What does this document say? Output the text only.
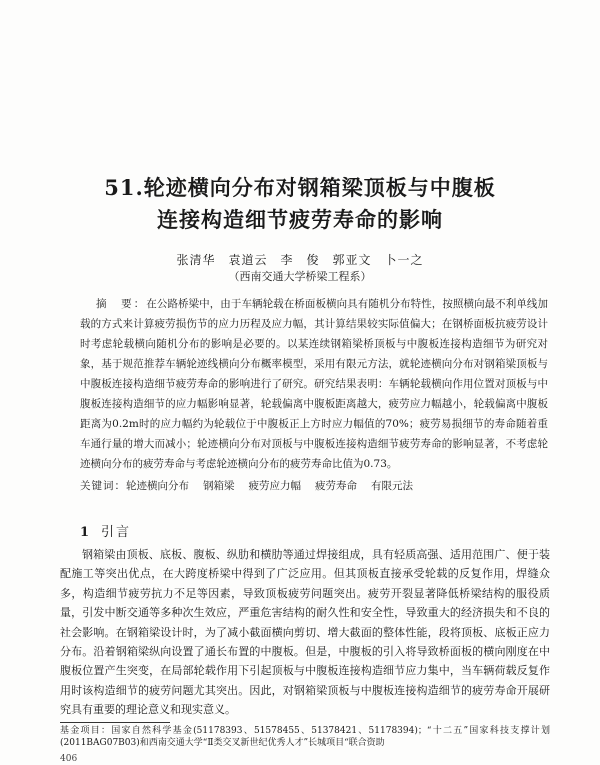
51.轮迹横向分布对钢箱梁顶板与中腹板
连接构造细节疲劳寿命的影响
张清华　袁道云　李　俊　郭亚文　卜一之
（西南交通大学桥梁工程系）
摘　要：在公路桥梁中，由于车辆轮载在桥面板横向具有随机分布特性，按照横向最不利单线加载的方式来计算疲劳损伤节的应力历程及应力幅，其计算结果较实际值偏大；在钢桥面板抗疲劳设计时考虑轮载横向随机分布的影响是必要的。以某连续钢箱梁桥顶板与中腹板连接构造细节为研究对象，基于规范推荐车辆轮迹线横向分布概率模型，采用有限元方法，就轮迹横向分布对钢箱梁顶板与中腹板连接构造细节疲劳寿命的影响进行了研究。研究结果表明：车辆轮载横向作用位置对顶板与中腹板连接构造细节的应力幅影响显著，轮载偏离中腹板距离越大，疲劳应力幅越小，轮载偏离中腹板距离为0.2m时的应力幅约为轮载位于中腹板正上方时应力幅值的70%；疲劳易损细节的寿命随着重车通行量的增大而减小；轮迹横向分布对顶板与中腹板连接构造细节疲劳寿命的影响显著，不考虑轮迹横向分布的疲劳寿命与考虑轮迹横向分布的疲劳寿命比值为0.73。
关键词：轮迹横向分布 钢箱梁 疲劳应力幅 疲劳寿命 有限元法
1 引言
钢箱梁由顶板、底板、腹板、纵肋和横肋等通过焊接组成，具有轻质高强、适用范围广、便于装配施工等突出优点，在大跨度桥梁中得到了广泛应用。但其顶板直接承受轮载的反复作用，焊缝众多，构造细节疲劳抗力不足等因素，导致顶板疲劳问题突出。疲劳开裂显著降低桥梁结构的服役质量，引发中断交通等多种次生效应，严重危害结构的耐久性和安全性，导致重大的经济损失和不良的社会影响。在钢箱梁设计时，为了减小截面横向剪切、增大截面的整体性能，段将顶板、底板正应力分布。沿着钢箱梁纵向设置了通长布置的中腹板。但是，中腹板的引入将导致桥面板的横向刚度在中腹板位置产生突变，在局部轮载作用下引起顶板与中腹板连接构造细节应力集中，当车辆荷载反复作用时该构造细节的疲劳问题尤其突出。因此，对钢箱梁顶板与中腹板连接构造细节的疲劳寿命开展研究具有重要的理论意义和现实意义。
基金项目：国家自然科学基金(51178393、51578455、51378421、51178394)；“十二五”国家科技支撑计划(2011BAG07B03)和西南交通大学“Ⅱ类交叉新世纪优秀人才”长城项目“联合资助
406
